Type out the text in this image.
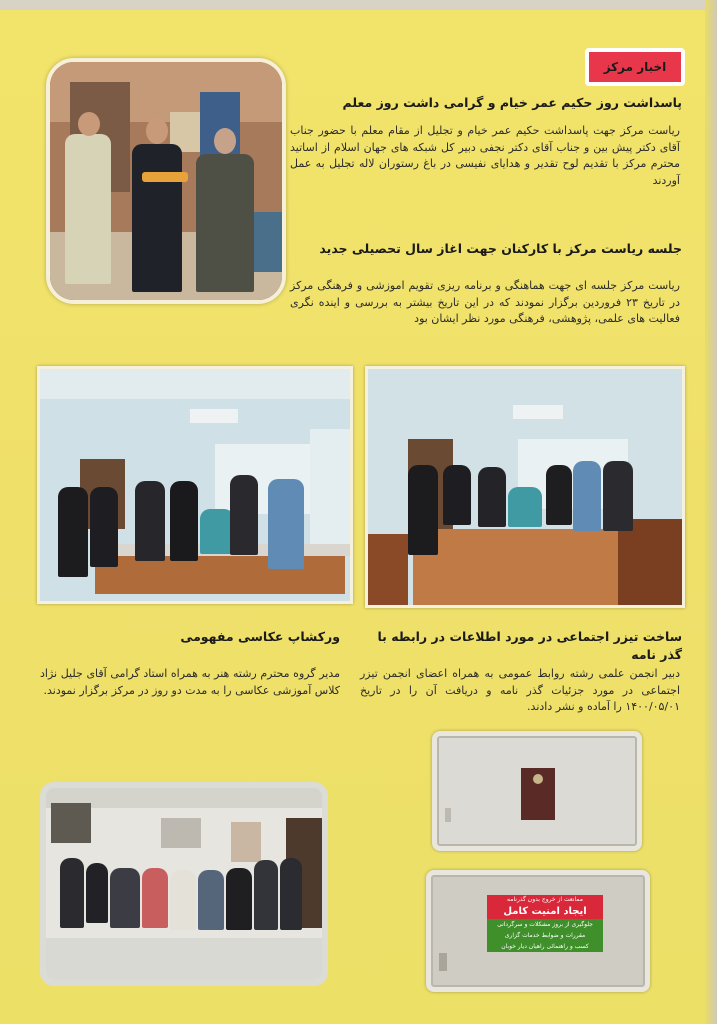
اخبار مرکز
پاسداشت روز حکیم عمر خیام و گرامی داشت روز معلم
ریاست مرکز جهت پاسداشت حکیم عمر خیام و تجلیل از مقام معلم با حضور جناب آقای دکتر پیش بین و جناب آقای دکتر نجفی دبیر کل شبکه های جهان اسلام از اساتید محترم مرکز با تقدیم لوح تقدیر و هدایای نفیسی در باغ رستوران لاله تجلیل به عمل آوردند
جلسه ریاست مرکز با کارکنان جهت اغاز سال تحصیلی جدید
ریاست مرکز جلسه ای جهت هماهنگی و برنامه ریزی تقویم اموزشی و فرهنگی مرکز در تاریخ ۲۳ فروردین برگزار نمودند که در این تاریخ بیشتر به بررسی و اینده نگری فعالیت های علمی، پژوهشی، فرهنگی مورد نظر ایشان بود
ساخت تیزر اجتماعی در مورد اطلاعات در رابطه با گذر نامه
دبیر انجمن علمی رشته روابط عمومی به همراه اعضای انجمن تیزر اجتماعی در مورد جزئیات گذر نامه و دریافت آن را در تاریخ ۱۴۰۰/۰۵/۰۱ را آماده و نشر دادند.
ورکشاپ عکاسی مفهومی
مدیر گروه محترم رشته هنر به همراه استاد گرامی آقای جلیل نژاد کلاس آموزشی عکاسی را به مدت دو روز در مرکز برگزار نمودند.
ممانعت از خروج بدون گذرنامه
ایجاد امنیت کامل
جلوگیری از بروز مشکلات و سرگردانی
مقررات و ضوابط خدمات گزاری
کسب و راهنمائی راهیان دیار خوبان
